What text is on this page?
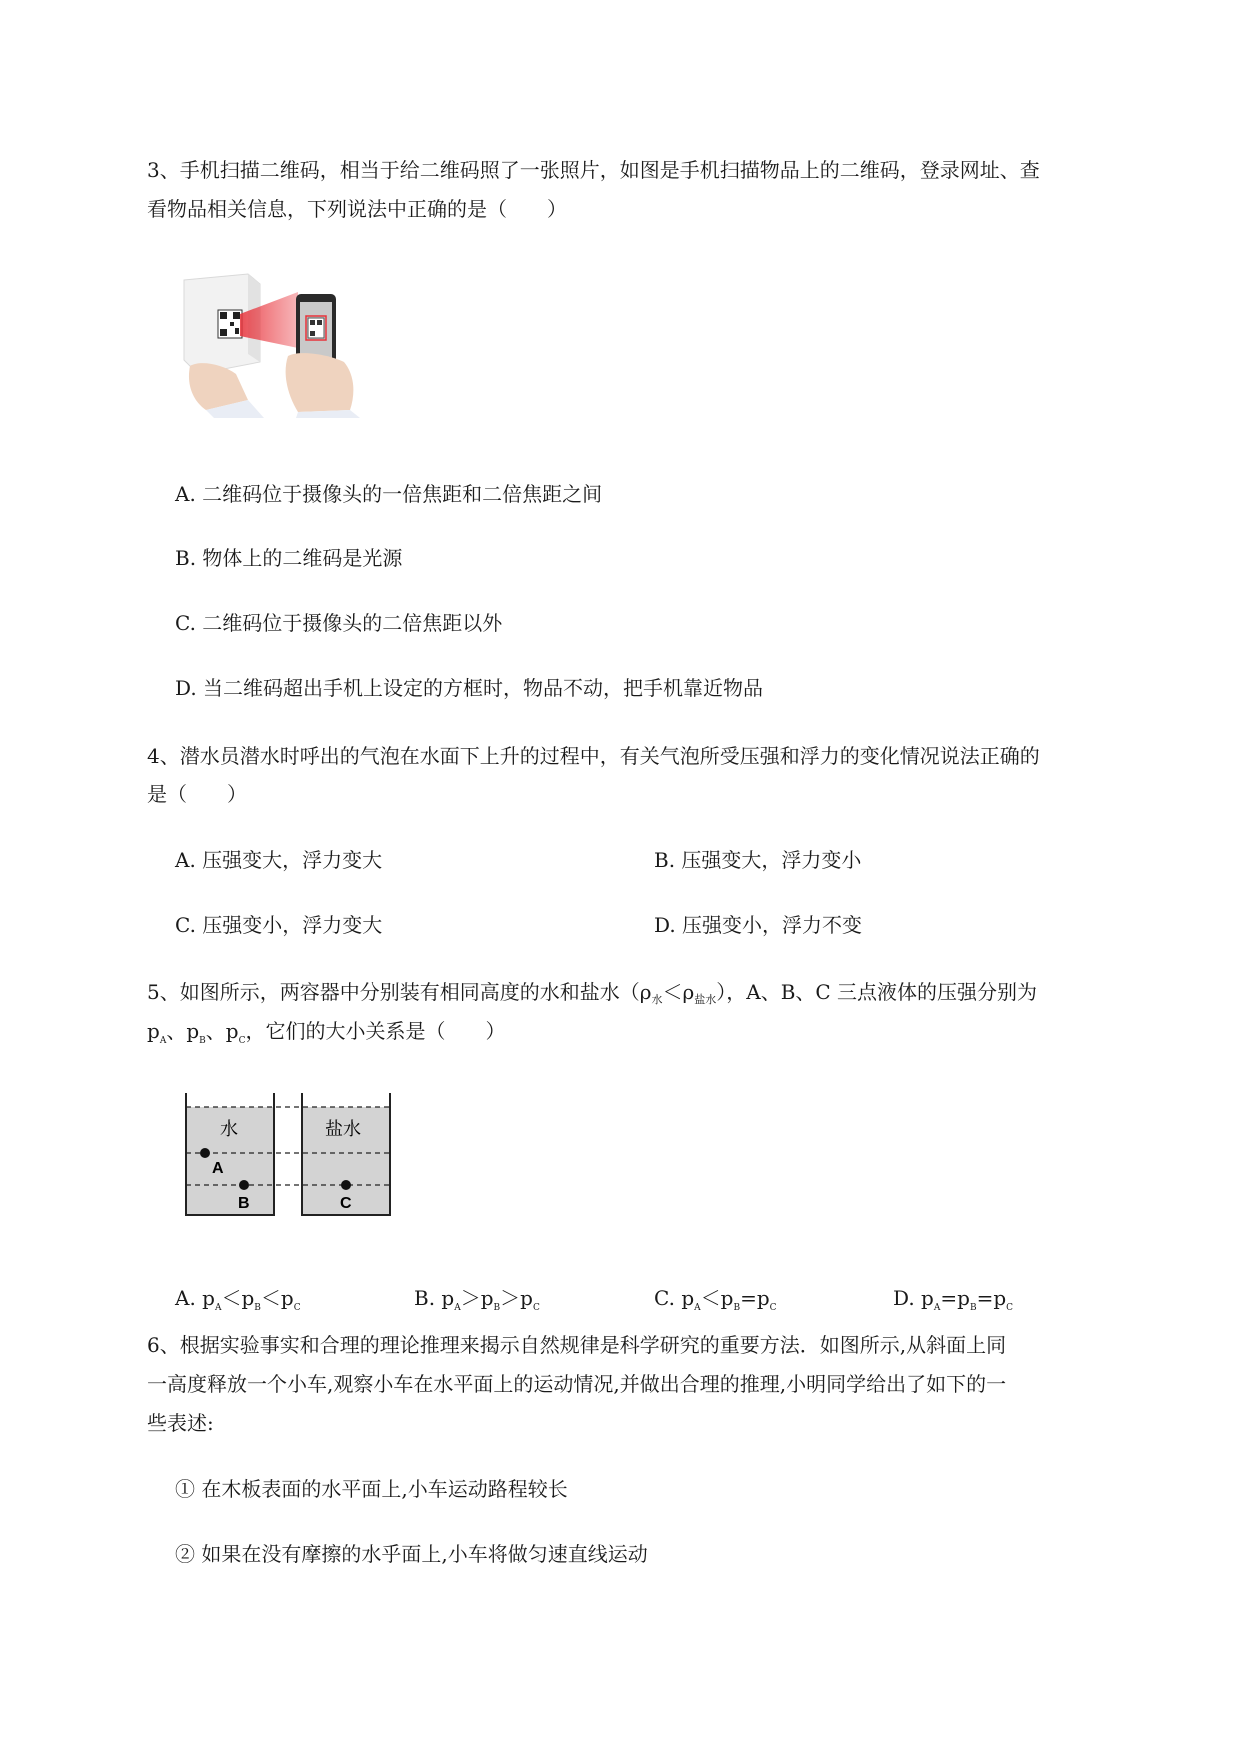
3、手机扫描二维码，相当于给二维码照了一张照片，如图是手机扫描物品上的二维码，登录网址、查
看物品相关信息，下列说法中正确的是（　　）
A. 二维码位于摄像头的一倍焦距和二倍焦距之间
B. 物体上的二维码是光源
C. 二维码位于摄像头的二倍焦距以外
D. 当二维码超出手机上设定的方框时，物品不动，把手机靠近物品
4、潜水员潜水时呼出的气泡在水面下上升的过程中，有关气泡所受压强和浮力的变化情况说法正确的
是（　　）
A. 压强变大，浮力变大	B. 压强变大，浮力变小
C. 压强变小，浮力变大	D. 压强变小，浮力不变
5、如图所示，两容器中分别装有相同高度的水和盐水$(\rho_水<\rho_{盐水})$，A、B、C 三点液体的压强分别为
$p_A$、$p_B$、$p_C$，它们的大小关系是（　　）
水	盐水
A
B	C
A. $p_A<p_B<p_C$	B. $p_A>p_B>p_C$	C. $p_A<p_B=p_C$	D. $p_A=p_B=p_C$
6、根据实验事实和合理的理论推理来揭示自然规律是科学研究的重要方法．如图所示,从斜面上同
一高度释放一个小车,观察小车在水平面上的运动情况,并做出合理的推理,小明同学给出了如下的一
些表述:
① 在木板表面的水平面上,小车运动路程较长
② 如果在没有摩擦的水乎面上,小车将做匀速直线运动
